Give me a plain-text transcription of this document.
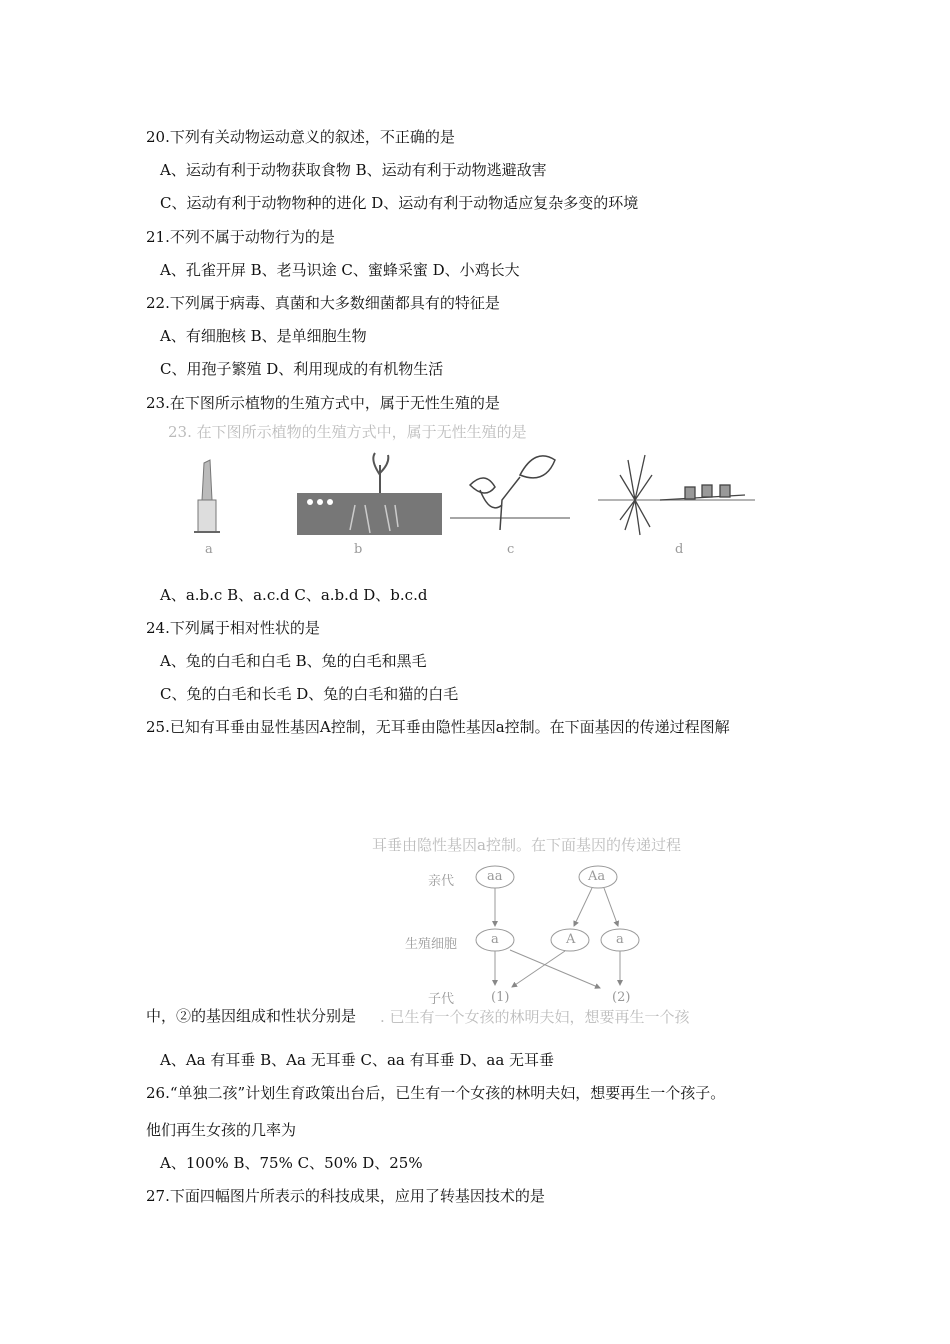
20.下列有关动物运动意义的叙述，不正确的是
A、运动有利于动物获取食物 B、运动有利于动物逃避敌害
C、运动有利于动物物种的进化 D、运动有利于动物适应复杂多变的环境
21.不列不属于动物行为的是
A、孔雀开屏 B、老马识途 C、蜜蜂采蜜 D、小鸡长大
22.下列属于病毒、真菌和大多数细菌都具有的特征是
A、有细胞核 B、是单细胞生物
C、用孢子繁殖 D、利用现成的有机物生活
23.在下图所示植物的生殖方式中，属于无性生殖的是
23. 在下图所示植物的生殖方式中，属于无性生殖的是
a	b	c	d
A、a.b.c B、a.c.d C、a.b.d D、b.c.d
24.下列属于相对性状的是
A、兔的白毛和白毛 B、兔的白毛和黑毛
C、兔的白毛和长毛 D、兔的白毛和猫的白毛
25.已知有耳垂由显性基因A控制，无耳垂由隐性基因a控制。在下面基因的传递过程图解
耳垂由隐性基因a控制。在下面基因的传递过程
亲代
生殖细胞
子代
aa	Aa
a	A	a
(1)	(2)
中，②的基因组成和性状分别是 . 已生有一个女孩的林明夫妇，想要再生一个孩
A、Aa 有耳垂 B、Aa 无耳垂 C、aa 有耳垂 D、aa 无耳垂
26.“单独二孩”计划生育政策出台后，已生有一个女孩的林明夫妇，想要再生一个孩子。
他们再生女孩的几率为
A、100% B、75% C、50% D、25%
27.下面四幅图片所表示的科技成果，应用了转基因技术的是
